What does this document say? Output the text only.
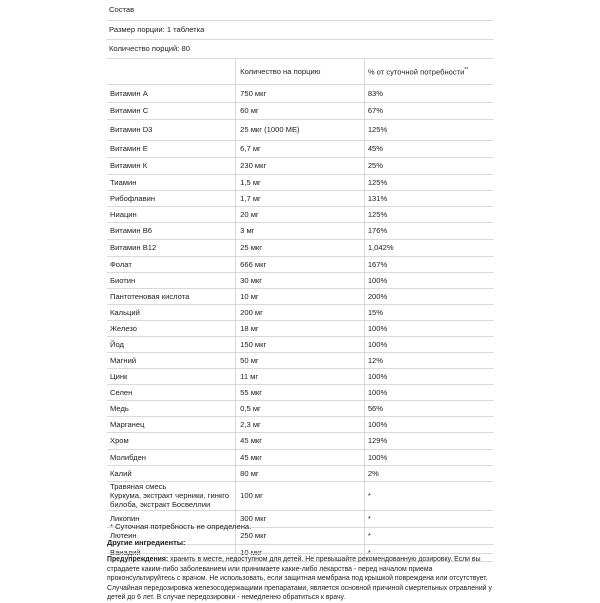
Состав		
Размер порции: 1 таблетка		
Количество порций: 80		
	Количество на порцию	% от суточной потребности**
Витамин А	750 мкг	83%
Витамин С	60 мг	67%
Витамин D3	25 мкг (1000 МЕ)	125%
Витамин Е	6,7 мг	45%
Витамин К	230 мкг	25%
Тиамин	1,5 мг	125%
Рибофлавин	1,7 мг	131%
Ниацин	20 мг	125%
Витамин В6	3 мг	176%
Витамин В12	25 мкг	1,042%
Фолат	666 мкг	167%
Биотин	30 мкг	100%
Пантотеновая кислота	10 мг	200%
Кальций	200 мг	15%
Железо	18 мг	100%
Йод	150 мкг	100%
Магний	50 мг	12%
Цинк	11 мг	100%
Селен	55 мкг	100%
Медь	0,5 мг	56%
Марганец	2,3 мг	100%
Хром	45 мкг	129%
Молибден	45 мкг	100%
Калий	80 мг	2%
Травяная смесь
Куркума, экстракт черники, гинкго билоба, экстракт Босвеллии	100 мг	*
Ликопин	300 мкг	*
Лютеин	250 мкг	*
Ванадий	10 мкг	*
* Суточная потребность не определена.
Другие ингредиенты:
Предупреждения: хранить в месте, недоступном для детей. Не превышайте рекомендованную дозировку. Если вы страдаете каким-либо заболеванием или принимаете какие-либо лекарства - перед началом приема проконсультируйтесь с врачом. Не использовать, если защитная мембрана под крышкой повреждена или отсутствует. Случайная передозировка железосодержащими препаратами, является основной причиной смертельных отравлений у детей до 6 лет. В случае передозировки - немедленно обратиться к врачу.
